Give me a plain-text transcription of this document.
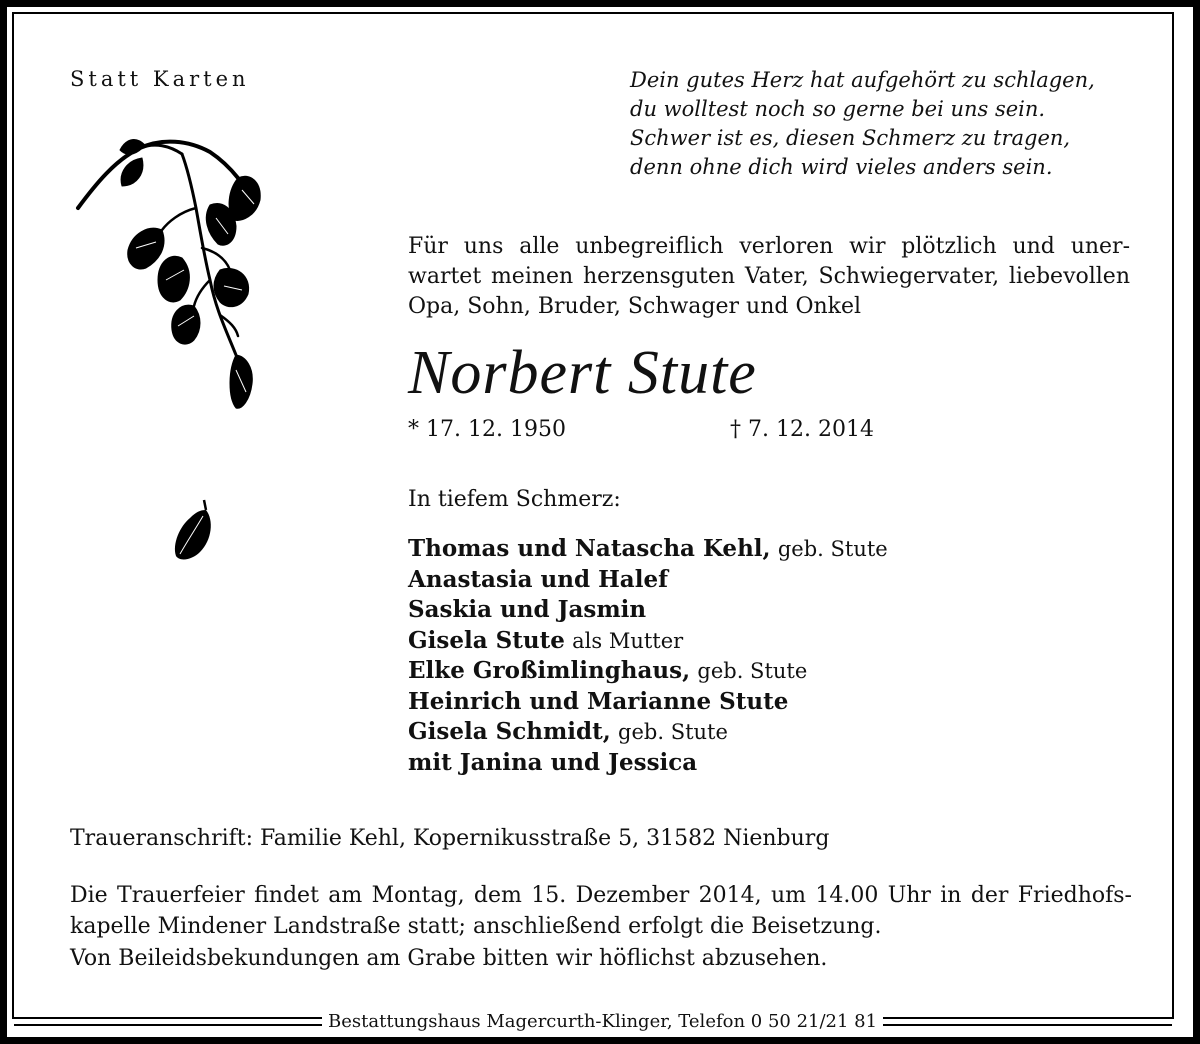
Statt Karten	Dein gutes Herz hat aufgehört zu schlagen,
du wolltest noch so gerne bei uns sein.
Schwer ist es, diesen Schmerz zu tragen,
denn ohne dich wird vieles anders sein.
Für uns alle unbegreiflich verloren wir plötzlich und uner-
wartet meinen herzensguten Vater, Schwiegervater, liebevollen
Opa, Sohn, Bruder, Schwager und Onkel
Norbert Stute
* 17. 12. 1950	† 7. 12. 2014
In tiefem Schmerz:
Thomas und Natascha Kehl, geb. Stute
Anastasia und Halef
Saskia und Jasmin
Gisela Stute als Mutter
Elke Großimlinghaus, geb. Stute
Heinrich und Marianne Stute
Gisela Schmidt, geb. Stute
mit Janina und Jessica
Traueranschrift: Familie Kehl, Kopernikusstraße 5, 31582 Nienburg
Die Trauerfeier findet am Montag, dem 15. Dezember 2014, um 14.00 Uhr in der Friedhofs-
kapelle Mindener Landstraße statt; anschließend erfolgt die Beisetzung.
Von Beileidsbekundungen am Grabe bitten wir höflichst abzusehen.
Bestattungshaus Magercurth-Klinger, Telefon 0 50 21/21 81
